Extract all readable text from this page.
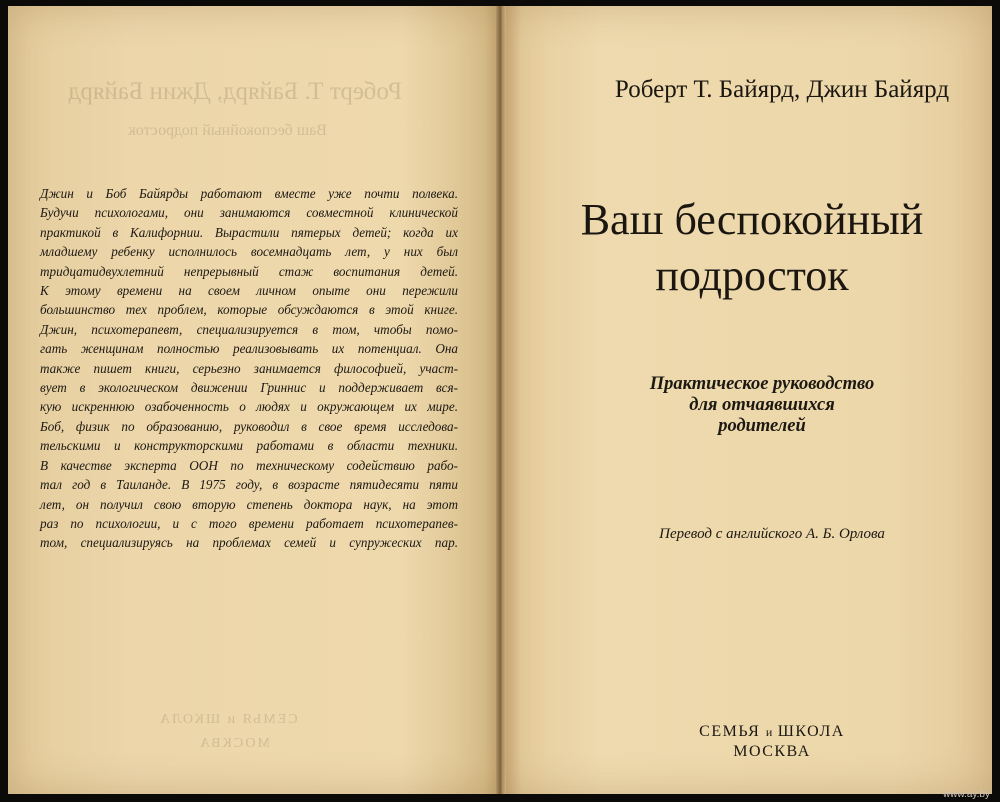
Роберт Т. Байярд, Джин Байярд
Ваш беспокойный подросток
СЕМЬЯ и ШКОЛА
МОСКВА
Джин и Боб Байярды работают вместе уже почти полвека.
Будучи психологами, они занимаются совместной клинической
практикой в Калифорнии. Вырастили пятерых детей; когда их
младшему ребенку исполнилось восемнадцать лет, у них был
тридцатидвухлетний непрерывный стаж воспитания детей.
К этому времени на своем личном опыте они пережили
большинство тех проблем, которые обсуждаются в этой книге.
Джин, психотерапевт, специализируется в том, чтобы помо-
гать женщинам полностью реализовывать их потенциал. Она
также пишет книги, серьезно занимается философией, участ-
вует в экологическом движении Гриннис и поддерживает вся-
кую искреннюю озабоченность о людях и окружающем их мире.
Боб, физик по образованию, руководил в свое время исследова-
тельскими и конструкторскими работами в области техники.
В качестве эксперта ООН по техническому содействию рабо-
тал год в Таиланде. В 1975 году, в возрасте пятидесяти пяти
лет, он получил свою вторую степень доктора наук, на этот
раз по психологии, и с того времени работает психотерапев-
том, специализируясь на проблемах семей и супружеских пар.
Роберт Т. Байярд, Джин Байярд
Ваш беспокойный
подросток
Практическое руководство
для отчаявшихся
родителей
Перевод с английского А. Б. Орлова
СЕМЬЯ и ШКОЛА
МОСКВА
www.ay.by
